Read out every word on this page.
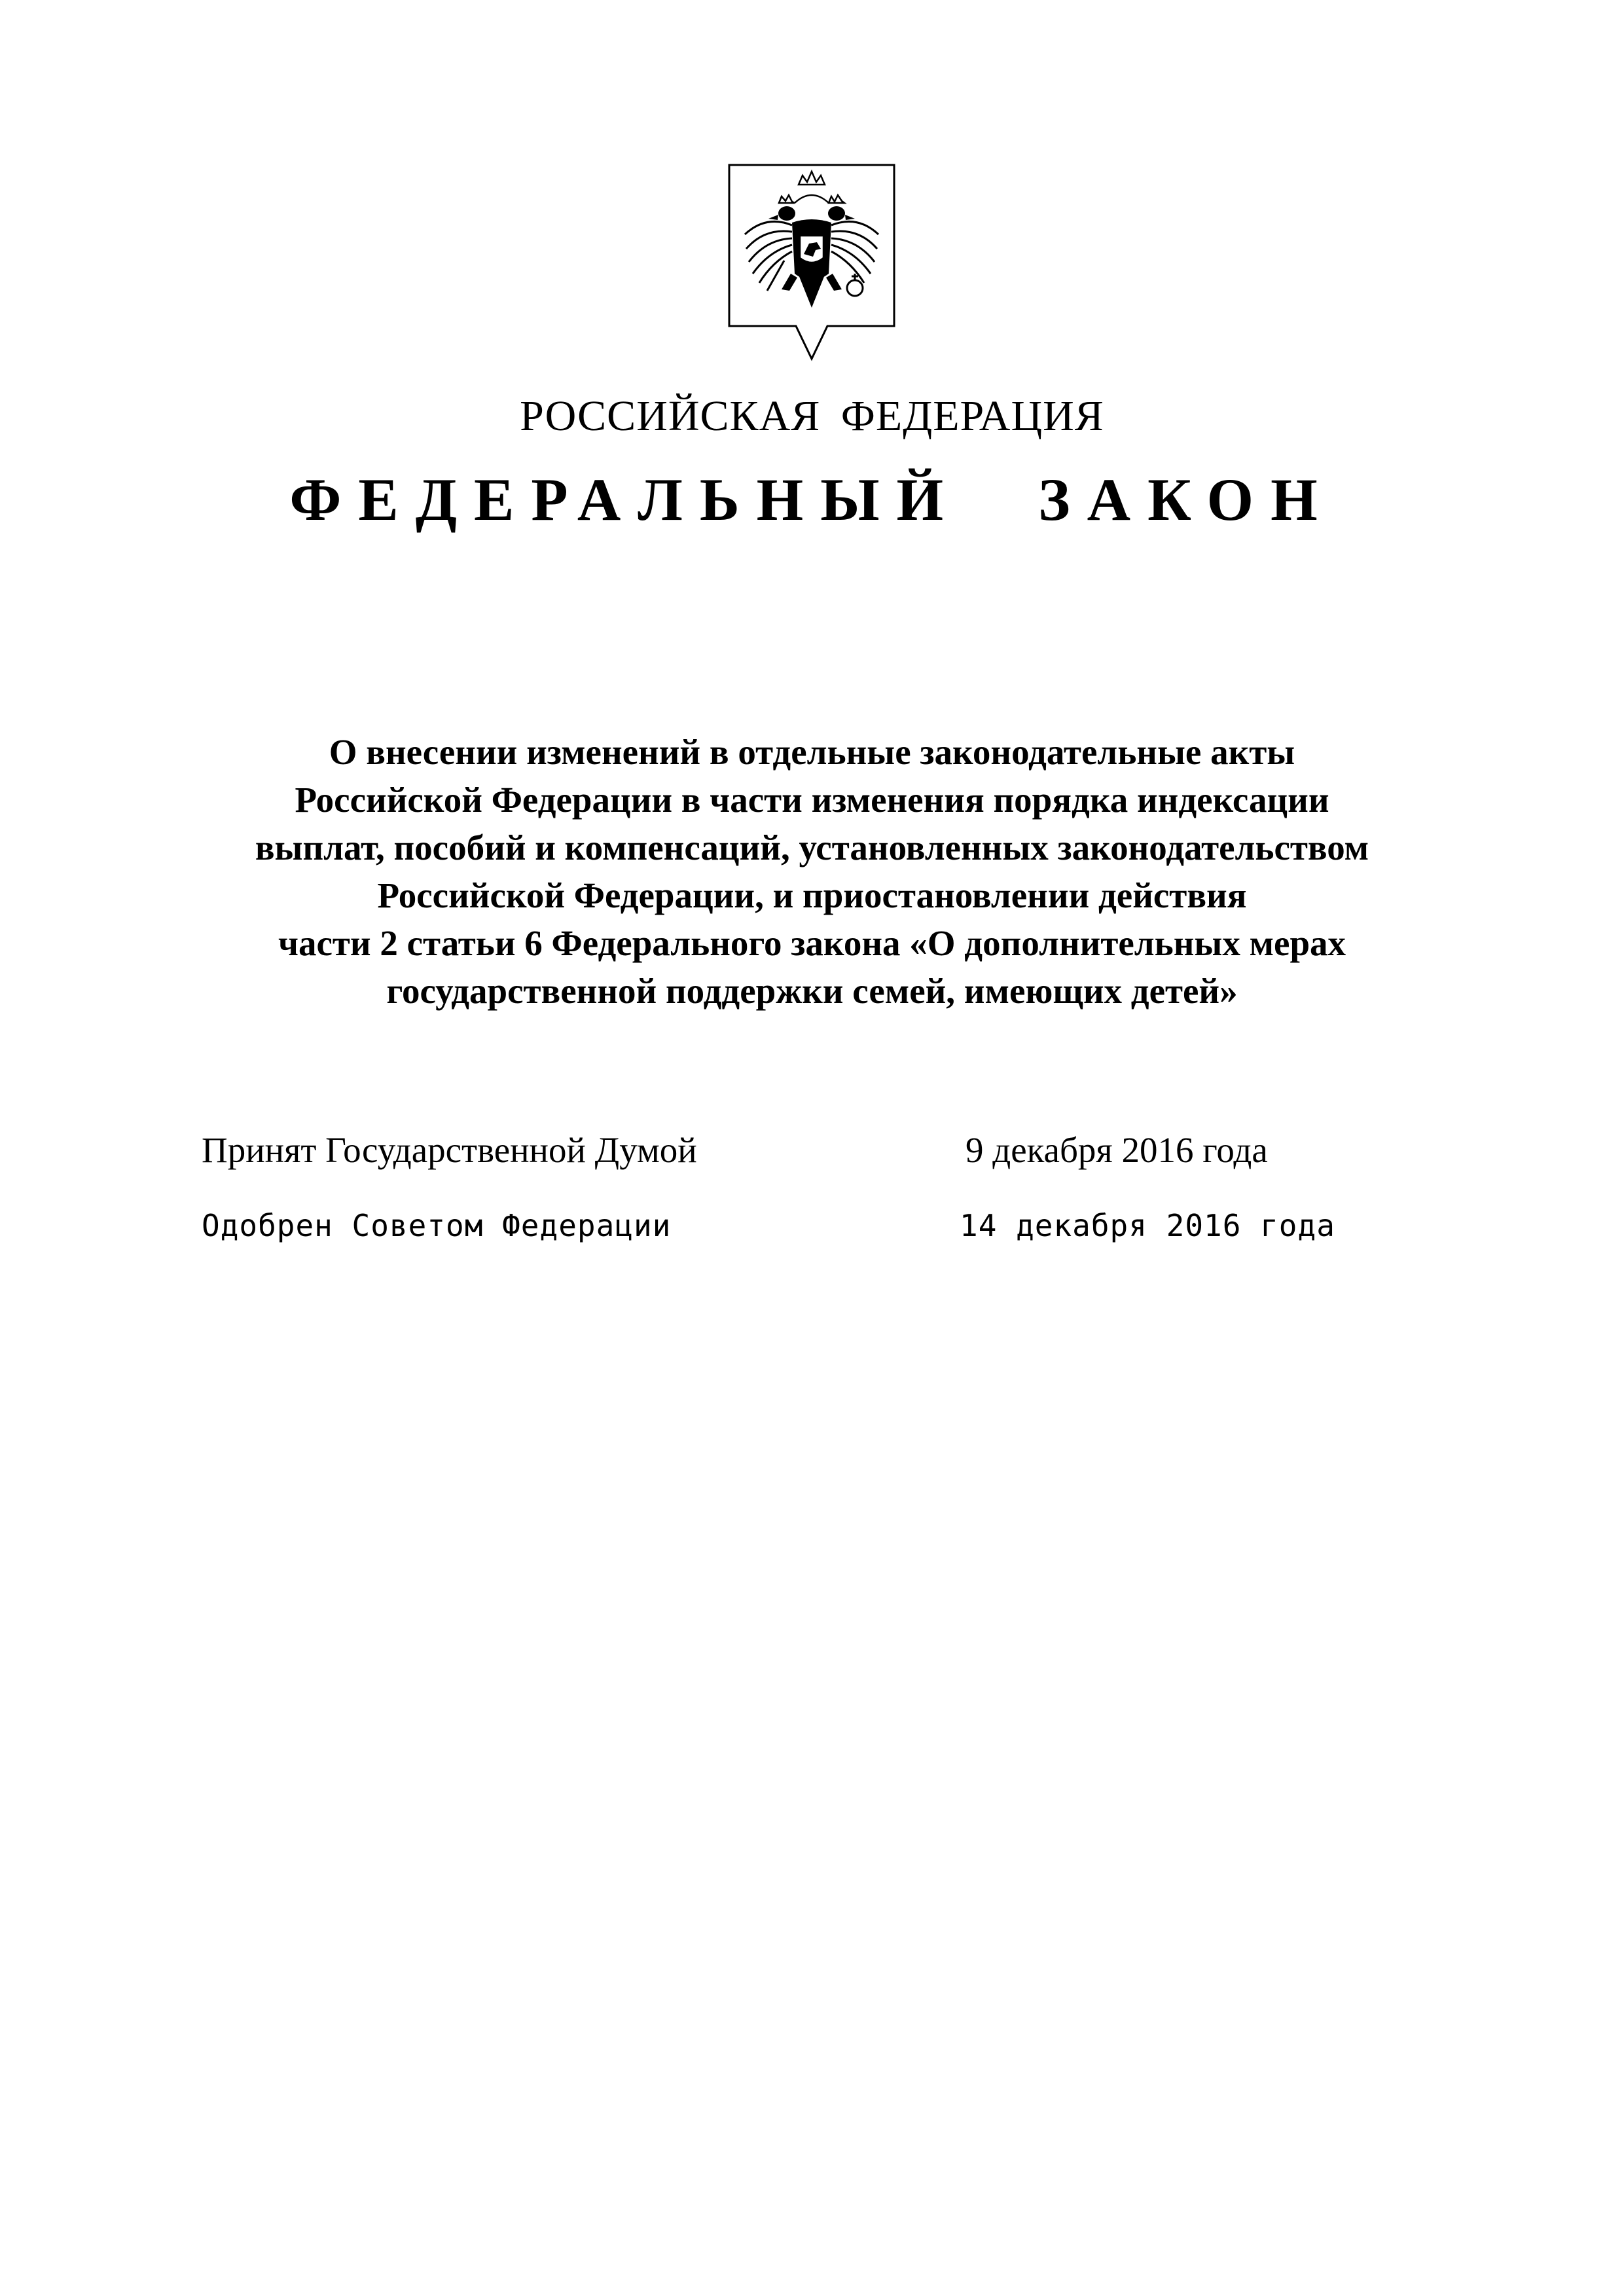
РОССИЙСКАЯ ФЕДЕРАЦИЯ
ФЕДЕРАЛЬНЫЙ ЗАКОН
О внесении изменений в отдельные законодательные акты
Российской Федерации в части изменения порядка индексации
выплат, пособий и компенсаций, установленных законодательством
Российской Федерации, и приостановлении действия
части 2 статьи 6 Федерального закона «О дополнительных мерах
государственной поддержки семей, имеющих детей»
Принят Государственной Думой	9 декабря 2016 года
Одобрен Советом Федерации	14 декабря 2016 года
